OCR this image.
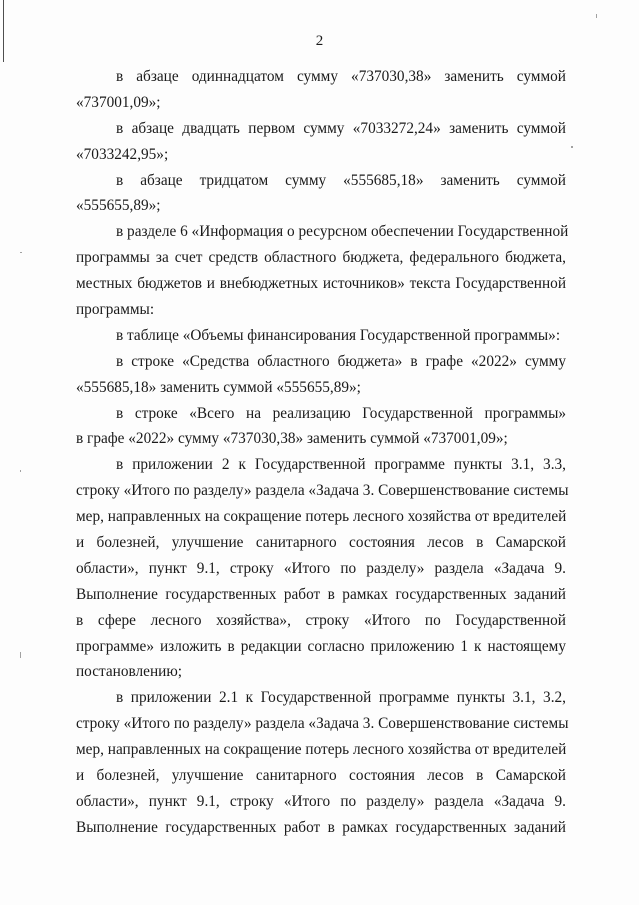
2
в абзаце одиннадцатом сумму «737030,38» заменить суммой
«737001,09»;
в абзаце двадцать первом сумму «7033272,24» заменить суммой
«7033242,95»;
в абзаце тридцатом сумму «555685,18» заменить суммой
«555655,89»;
в разделе 6 «Информация о ресурсном обеспечении Государственной
программы за счет средств областного бюджета, федерального бюджета,
местных бюджетов и внебюджетных источников» текста Государственной
программы:
в таблице «Объемы финансирования Государственной программы»:
в строке «Средства областного бюджета» в графе «2022» сумму
«555685,18» заменить суммой «555655,89»;
в строке «Всего на реализацию Государственной программы»
в графе «2022» сумму «737030,38» заменить суммой «737001,09»;
в приложении 2 к Государственной программе пункты 3.1, 3.3,
строку «Итого по разделу» раздела «Задача 3. Совершенствование системы
мер, направленных на сокращение потерь лесного хозяйства от вредителей
и болезней, улучшение санитарного состояния лесов в Самарской
области», пункт 9.1, строку «Итого по разделу» раздела «Задача 9.
Выполнение государственных работ в рамках государственных заданий
в сфере лесного хозяйства», строку «Итого по Государственной
программе» изложить в редакции согласно приложению 1 к настоящему
постановлению;
в приложении 2.1 к Государственной программе пункты 3.1, 3.2,
строку «Итого по разделу» раздела «Задача 3. Совершенствование системы
мер, направленных на сокращение потерь лесного хозяйства от вредителей
и болезней, улучшение санитарного состояния лесов в Самарской
области», пункт 9.1, строку «Итого по разделу» раздела «Задача 9.
Выполнение государственных работ в рамках государственных заданий
